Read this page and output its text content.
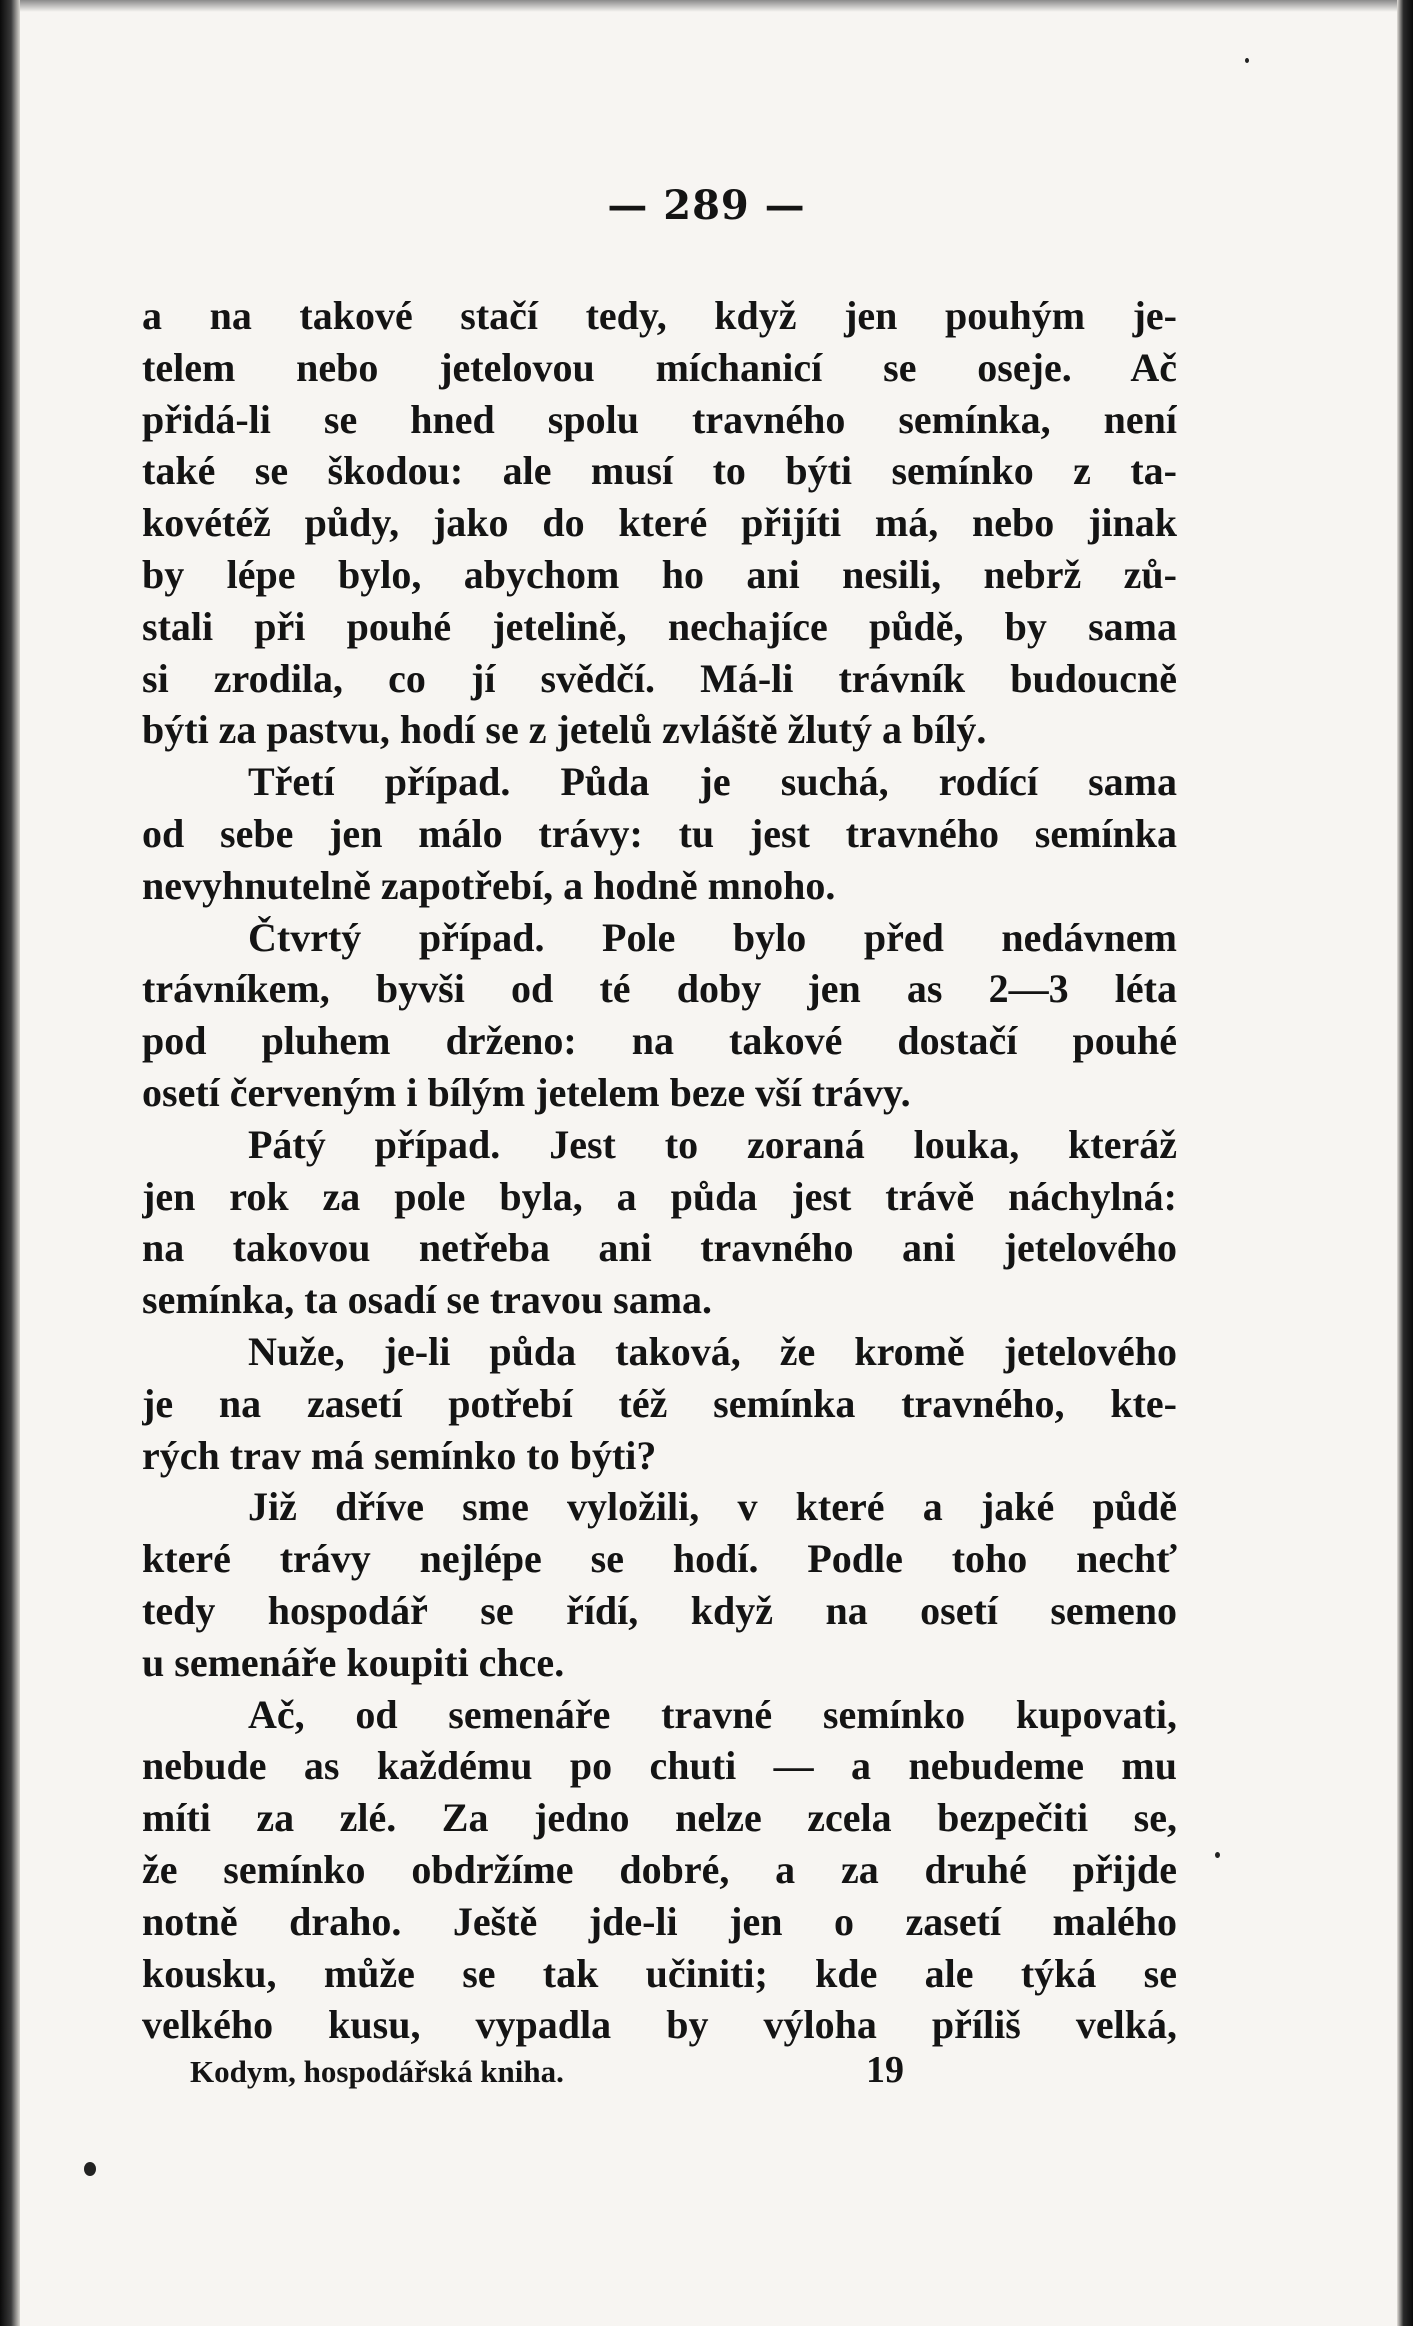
— 289 —
a na takové stačí tedy, když jen pouhým je-
telem nebo jetelovou míchanicí se oseje. Ač
přidá-li se hned spolu travného semínka, není
také se škodou: ale musí to býti semínko z ta-
kovétéž půdy, jako do které přijíti má, nebo jinak
by lépe bylo, abychom ho ani nesili, nebrž zů-
stali při pouhé jetelině, nechajíce půdě, by sama
si zrodila, co jí svědčí. Má-li trávník budoucně
býti za pastvu, hodí se z jetelů zvláště žlutý a bílý.
Třetí případ. Půda je suchá, rodící sama
od sebe jen málo trávy: tu jest travného semínka
nevyhnutelně zapotřebí, a hodně mnoho.
Čtvrtý případ. Pole bylo před nedávnem
trávníkem, byvši od té doby jen as 2—3 léta
pod pluhem drženo: na takové dostačí pouhé
osetí červeným i bílým jetelem beze vší trávy.
Pátý případ. Jest to zoraná louka, kteráž
jen rok za pole byla, a půda jest trávě náchylná:
na takovou netřeba ani travného ani jetelového
semínka, ta osadí se travou sama.
Nuže, je-li půda taková, že kromě jetelového
je na zasetí potřebí též semínka travného, kte-
rých trav má semínko to býti?
Již dříve sme vyložili, v které a jaké půdě
které trávy nejlépe se hodí. Podle toho nechť
tedy hospodář se řídí, když na osetí semeno
u semenáře koupiti chce.
Ač, od semenáře travné semínko kupovati,
nebude as každému po chuti — a nebudeme mu
míti za zlé. Za jedno nelze zcela bezpečiti se,
že semínko obdržíme dobré, a za druhé přijde
notně draho. Ještě jde-li jen o zasetí malého
kousku, může se tak učiniti; kde ale týká se
velkého kusu, vypadla by výloha příliš velká,
Kodym, hospodářská kniha.	19
